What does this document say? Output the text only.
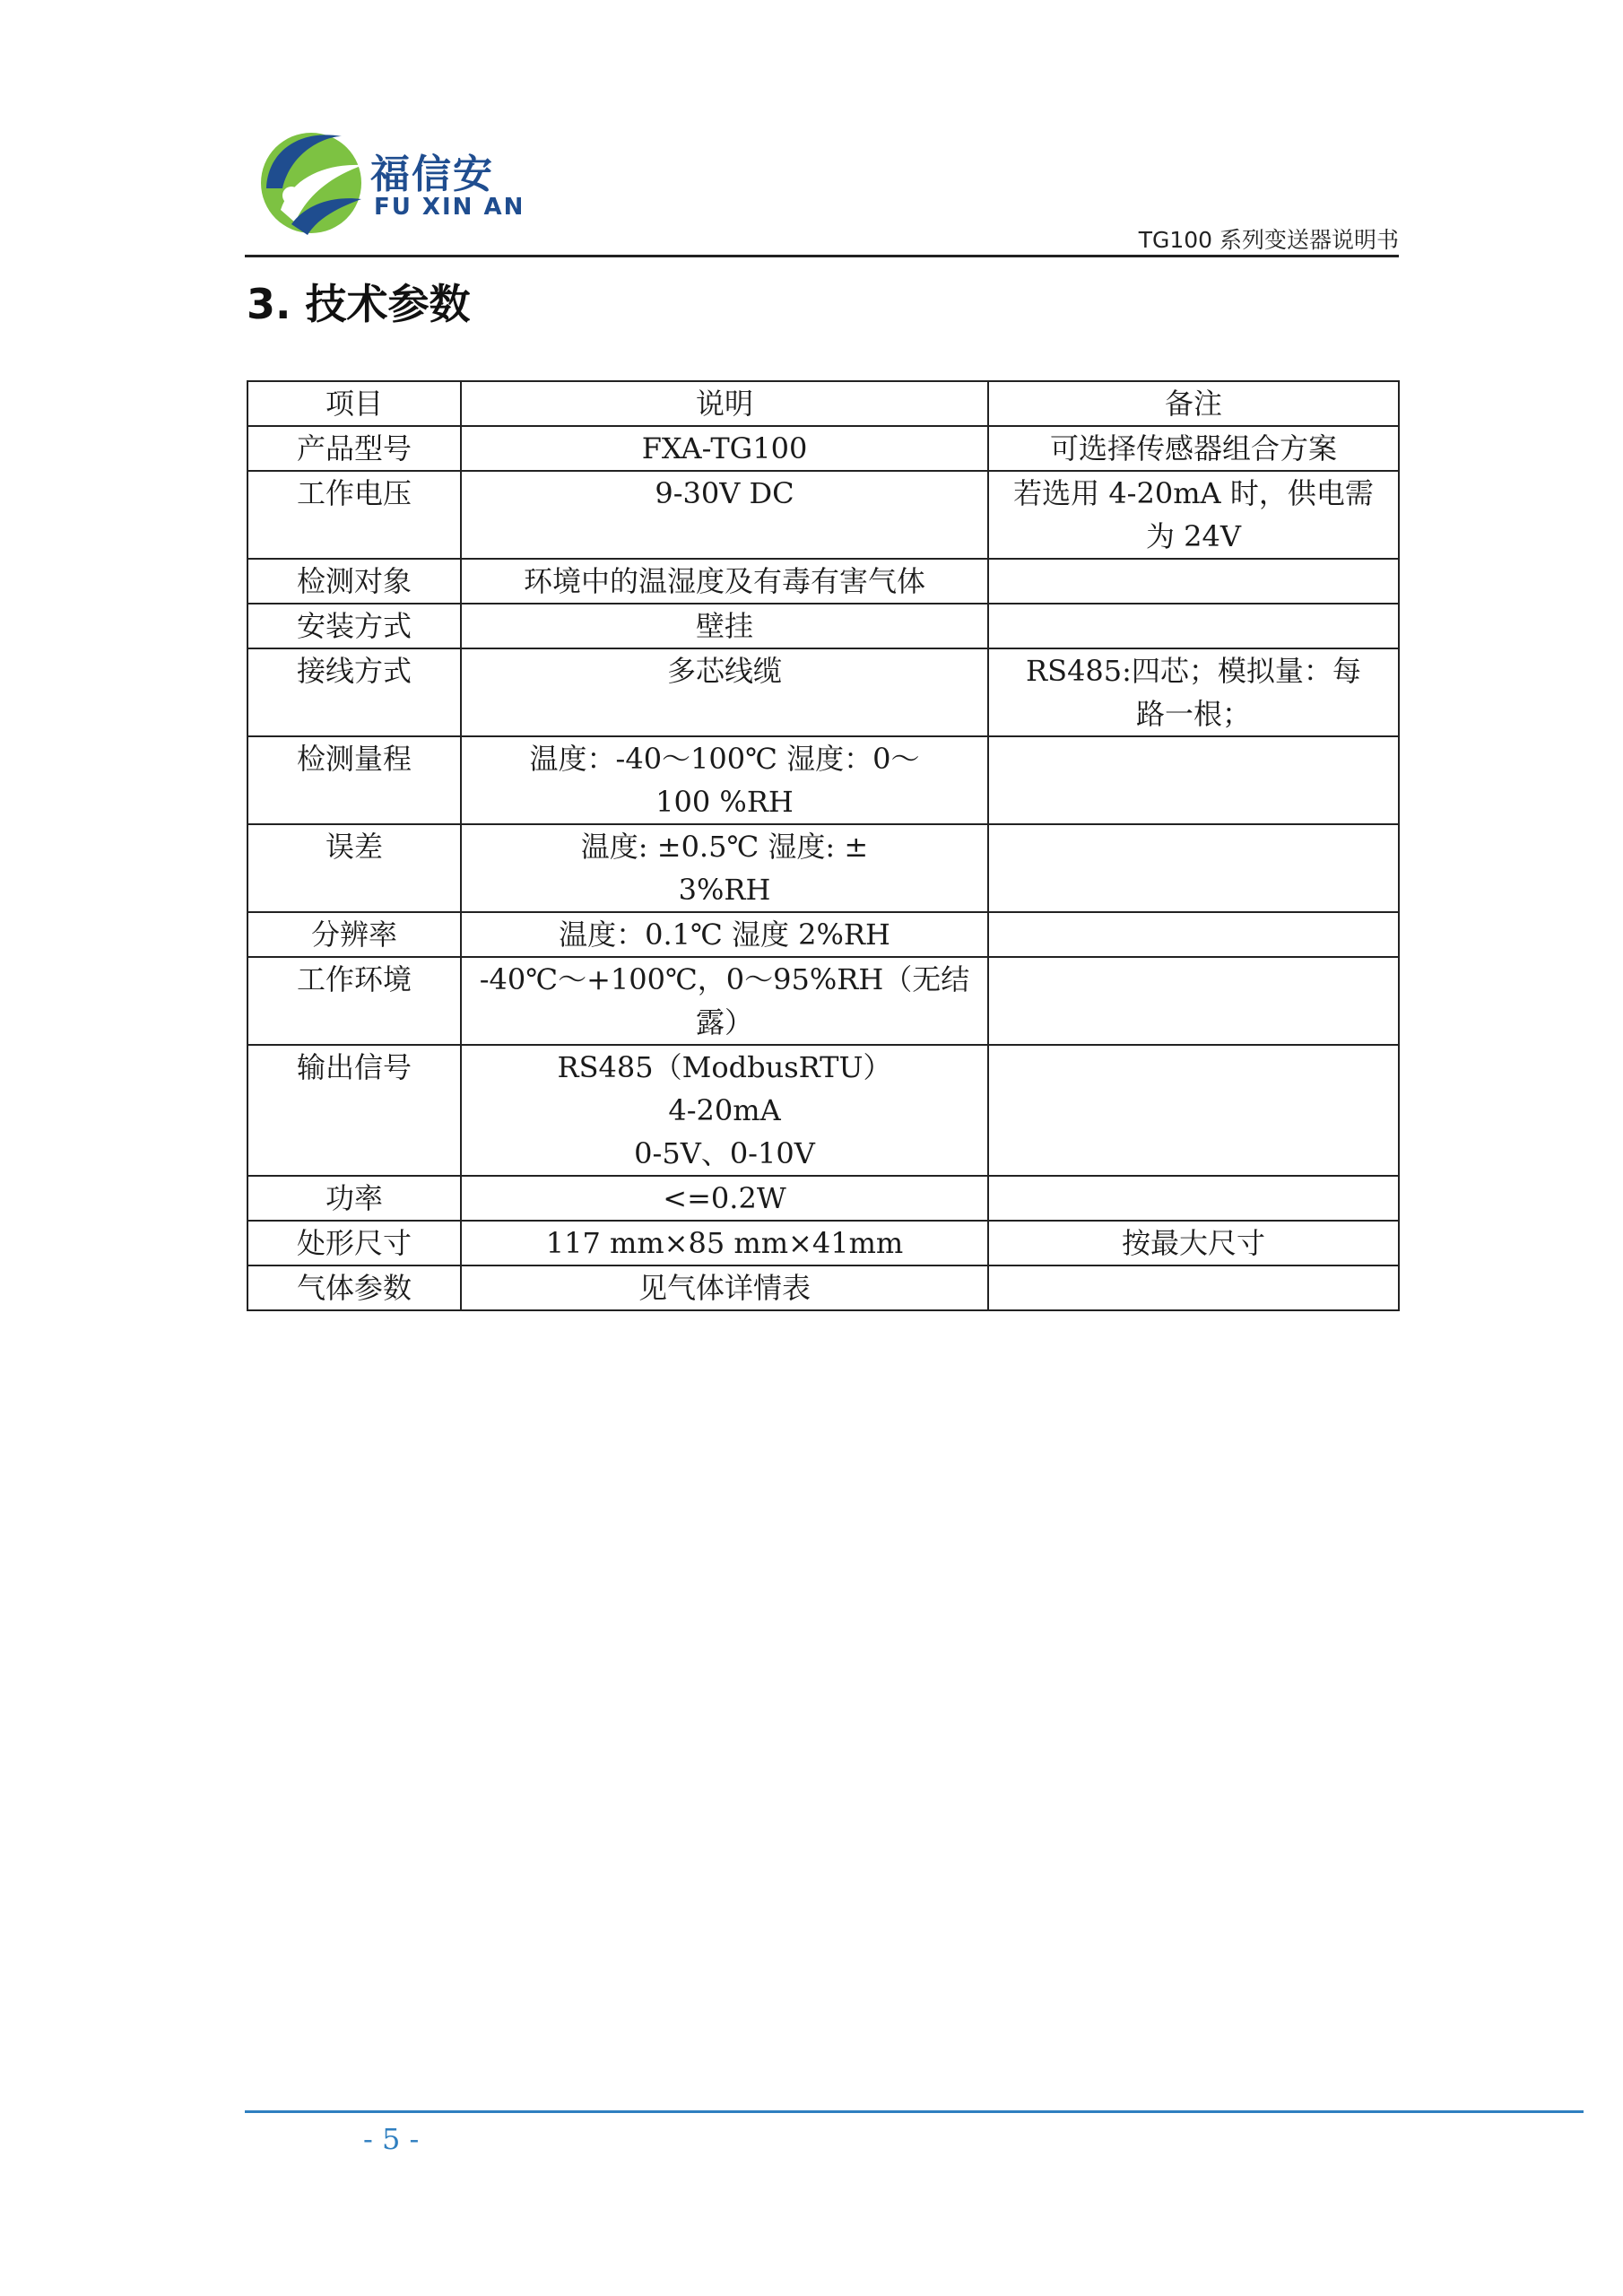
福信安
FU XIN AN
TG100 系列变送器说明书
3. 技术参数
项目	说明	备注
产品型号	FXA-TG100	可选择传感器组合方案

工作电压	9-30V DC	若选用 4-20mA 时，供电需
为 24V

检测对象	环境中的温湿度及有毒有害气体	

安装方式	壁挂	

接线方式	多芯线缆	RS485:四芯；模拟量：每
路一根；

检测量程	温度：-40～100℃ 湿度：0～
100 %RH	

误差	温度: ±0.5℃ 湿度: ±
3%RH	

分辨率	温度：0.1℃ 湿度 2%RH	

工作环境	-40℃～+100℃，0～95%RH（无结
露）	

输出信号	RS485（ModbusRTU）
4-20mA
0-5V、0-10V	

功率	<=0.2W	

处形尺寸	117 mm×85 mm×41mm	按最大尺寸

气体参数	见气体详情表	

- 5 -
